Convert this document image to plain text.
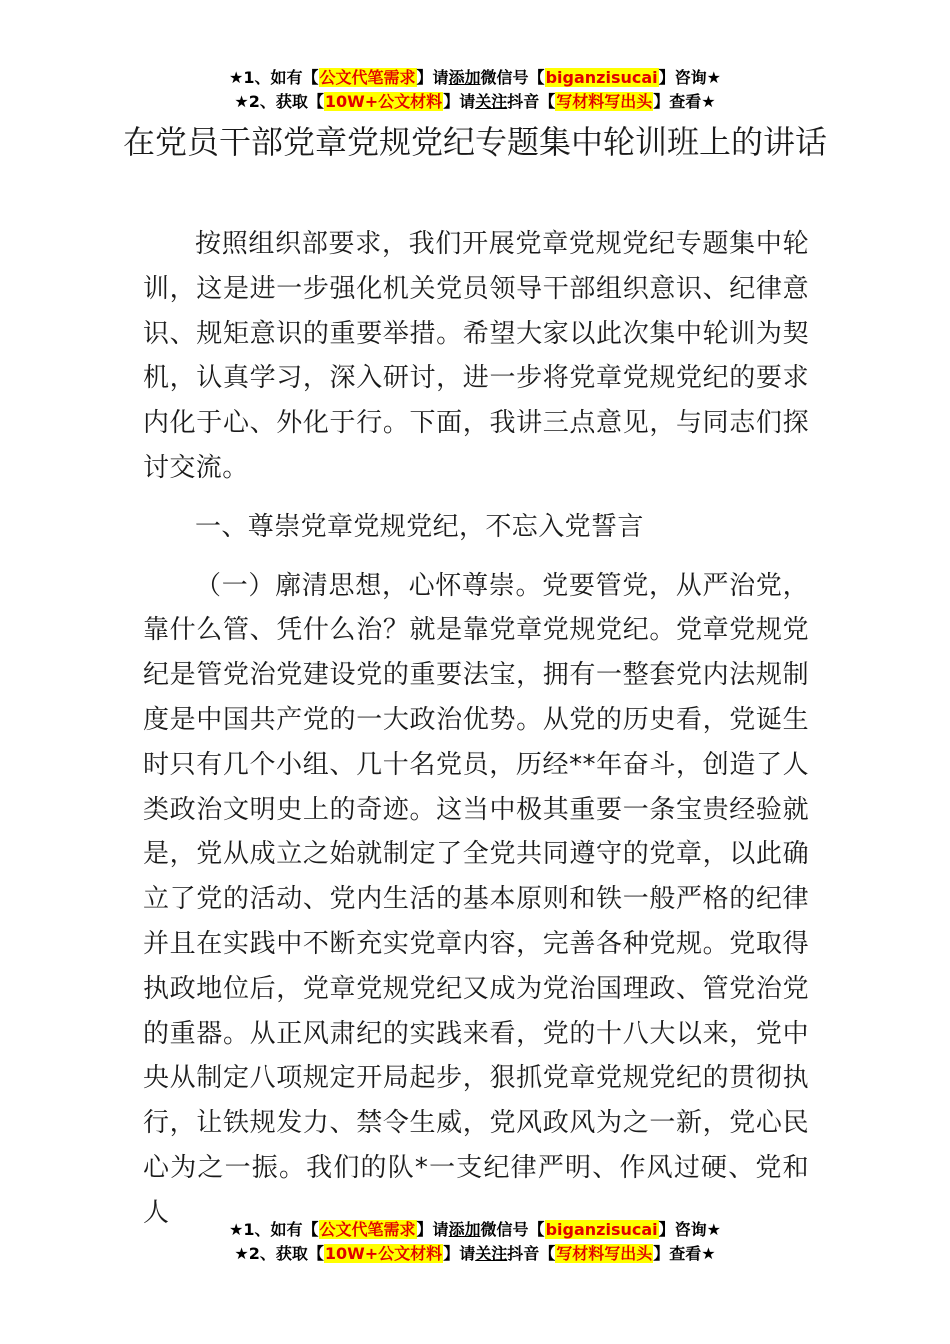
★1、如有【公文代笔需求】请添加微信号【biganzisucai】咨询★
★2、获取【10W+公文材料】请关注抖音【写材料写出头】查看★
在党员干部党章党规党纪专题集中轮训班上的讲话

按照组织部要求，我们开展党章党规党纪专题集中轮训，这是进一步强化机关党员领导干部组织意识、纪律意识、规矩意识的重要举措。希望大家以此次集中轮训为契机，认真学习，深入研讨，进一步将党章党规党纪的要求内化于心、外化于行。下面，我讲三点意见，与同志们探讨交流。

一、尊崇党章党规党纪，不忘入党誓言

（一）廓清思想，心怀尊崇。党要管党，从严治党，靠什么管、凭什么治？就是靠党章党规党纪。党章党规党纪是管党治党建设党的重要法宝，拥有一整套党内法规制度是中国共产党的一大政治优势。从党的历史看，党诞生时只有几个小组、几十名党员，历经**年奋斗，创造了人类政治文明史上的奇迹。这当中极其重要一条宝贵经验就是，党从成立之始就制定了全党共同遵守的党章，以此确立了党的活动、党内生活的基本原则和铁一般严格的纪律并且在实践中不断充实党章内容，完善各种党规。党取得执政地位后，党章党规党纪又成为党治国理政、管党治党的重器。从正风肃纪的实践来看，党的十八大以来，党中央从制定八项规定开局起步，狠抓党章党规党纪的贯彻执行，让铁规发力、禁令生威，党风政风为之一新，党心民心为之一振。我们的队*一支纪律严明、作风过硬、党和人

★1、如有【公文代笔需求】请添加微信号【biganzisucai】咨询★
★2、获取【10W+公文材料】请关注抖音【写材料写出头】查看★
